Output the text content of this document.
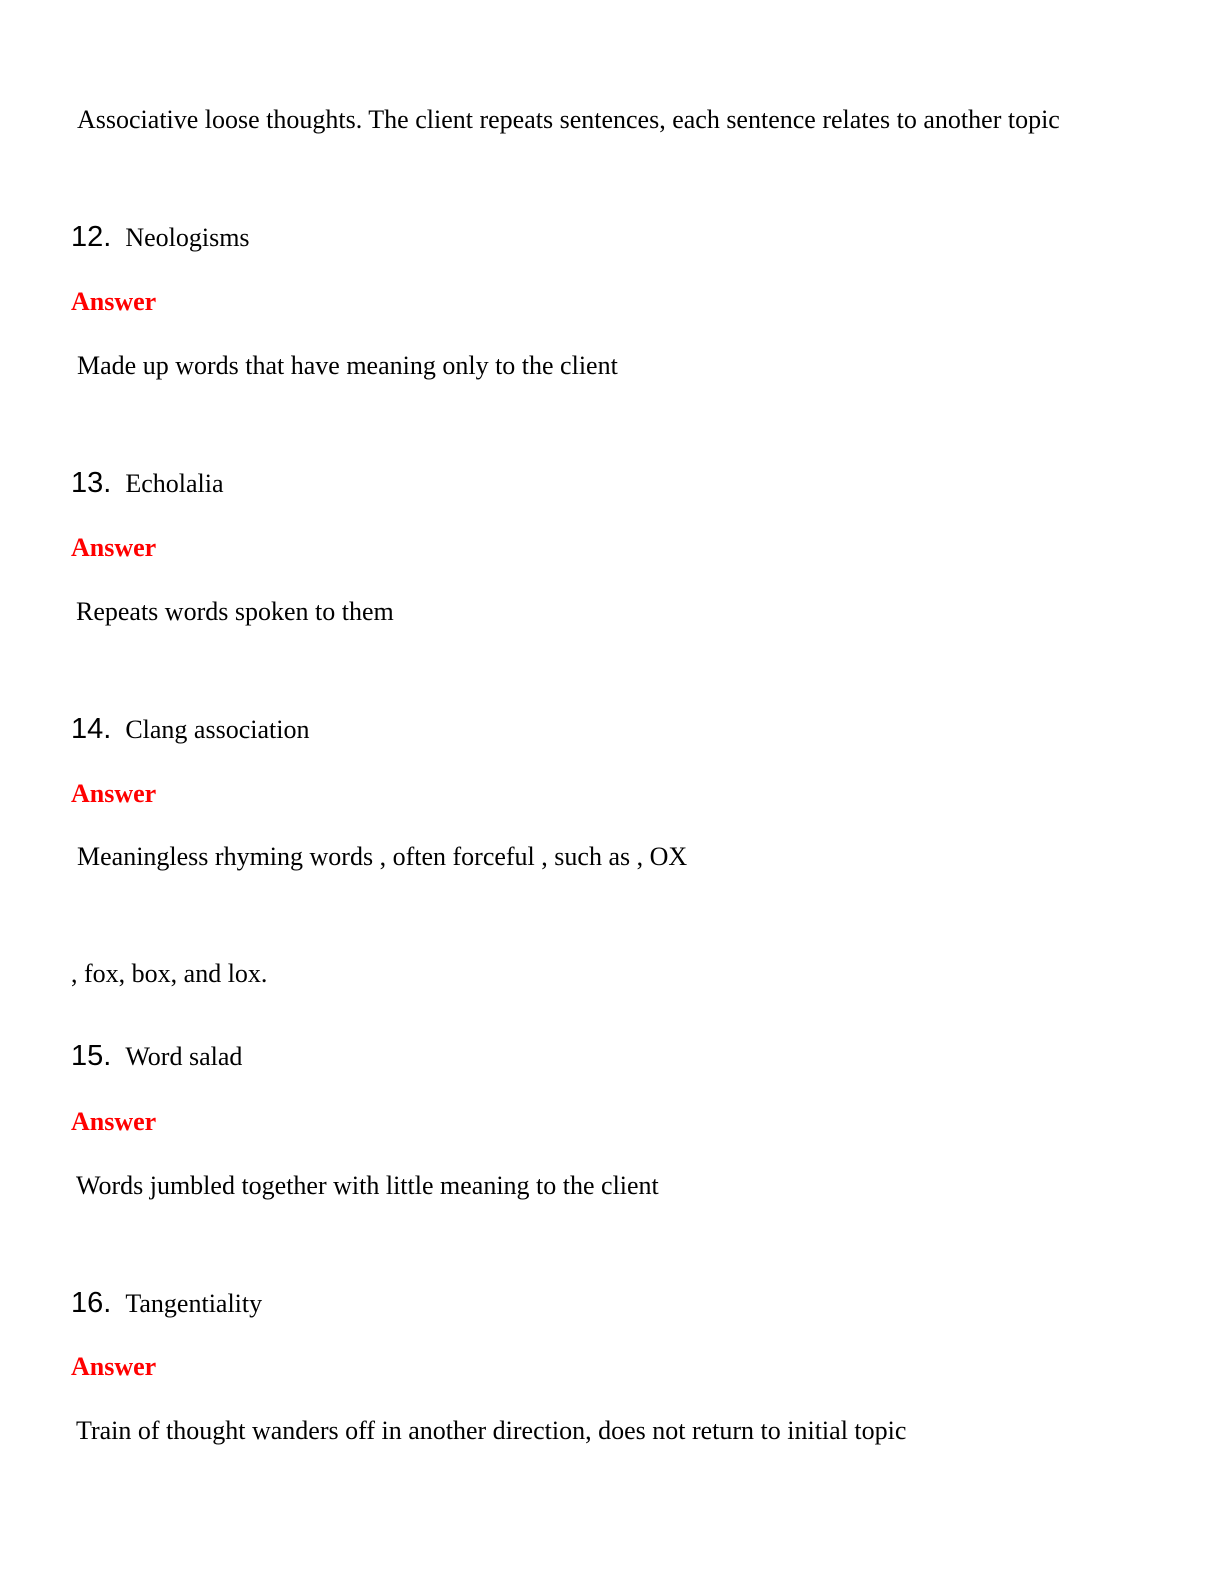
Associative loose thoughts. The client repeats sentences, each sentence relates to another topic
12. Neologisms
Answer
Made up words that have meaning only to the client
13. Echolalia
Answer
Repeats words spoken to them
14. Clang association
Answer
Meaningless rhyming words , often forceful , such as , OX
, fox, box, and lox.
15. Word salad
Answer
Words jumbled together with little meaning to the client
16. Tangentiality
Answer
Train of thought wanders off in another direction, does not return to initial topic
